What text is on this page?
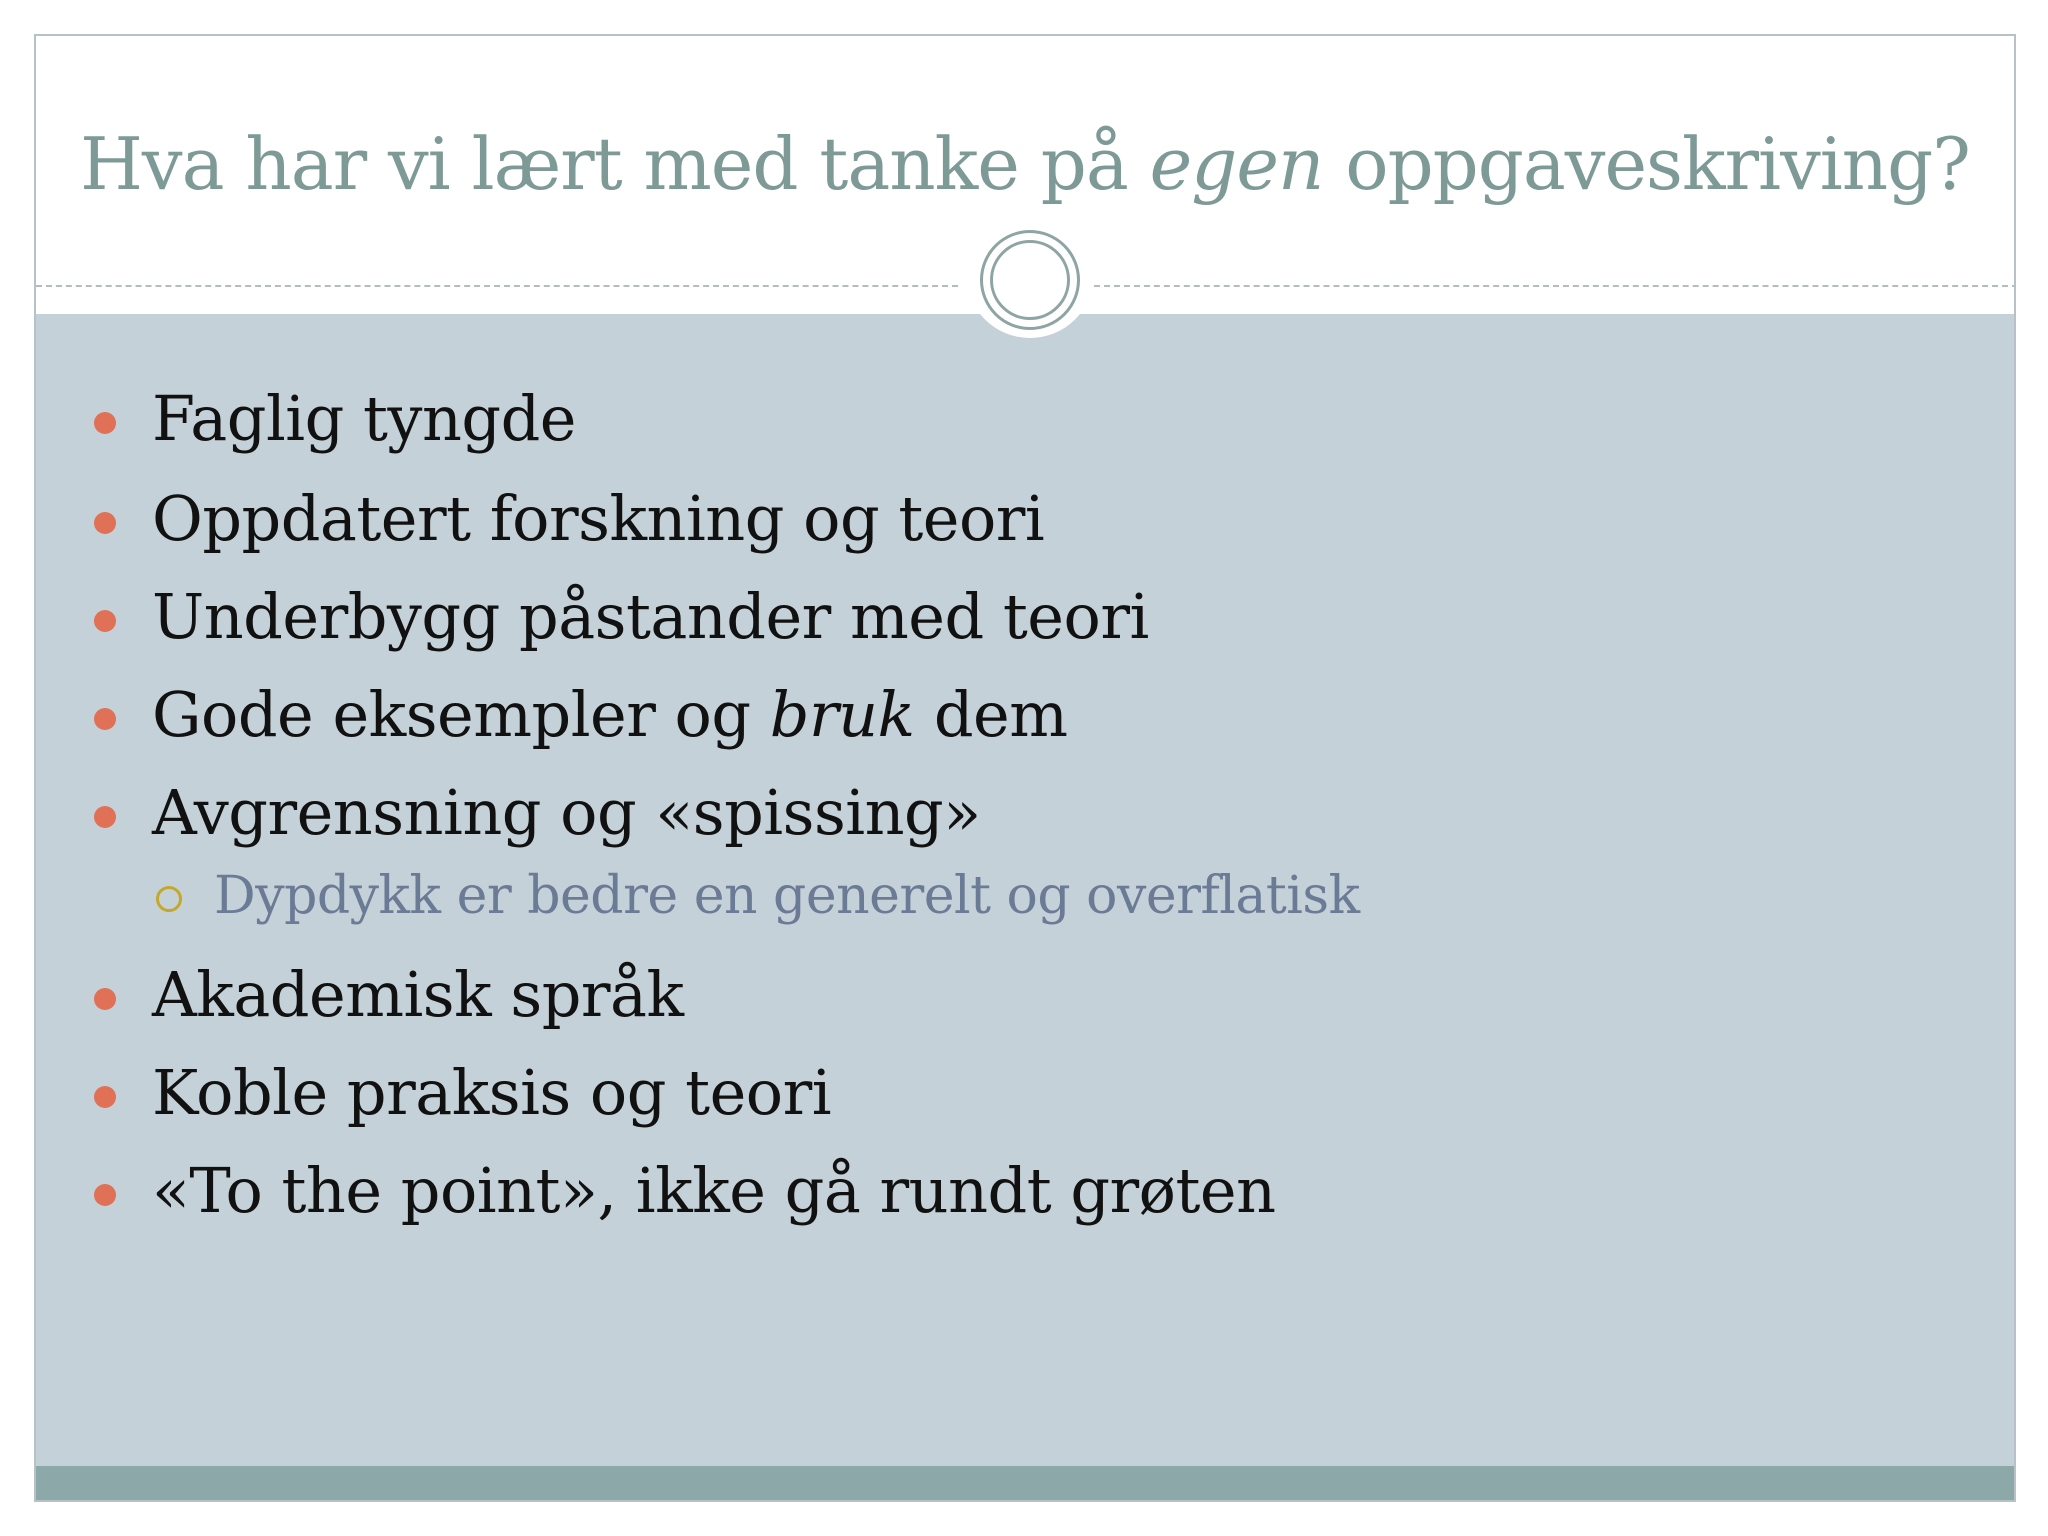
Hva har vi lært med tanke på egen oppgaveskriving?
Faglig tyngde
Oppdatert forskning og teori
Underbygg påstander med teori
Gode eksempler og bruk dem
Avgrensning og «spissing»
Dypdykk er bedre en generelt og overflatisk
Akademisk språk
Koble praksis og teori
«To the point», ikke gå rundt grøten
